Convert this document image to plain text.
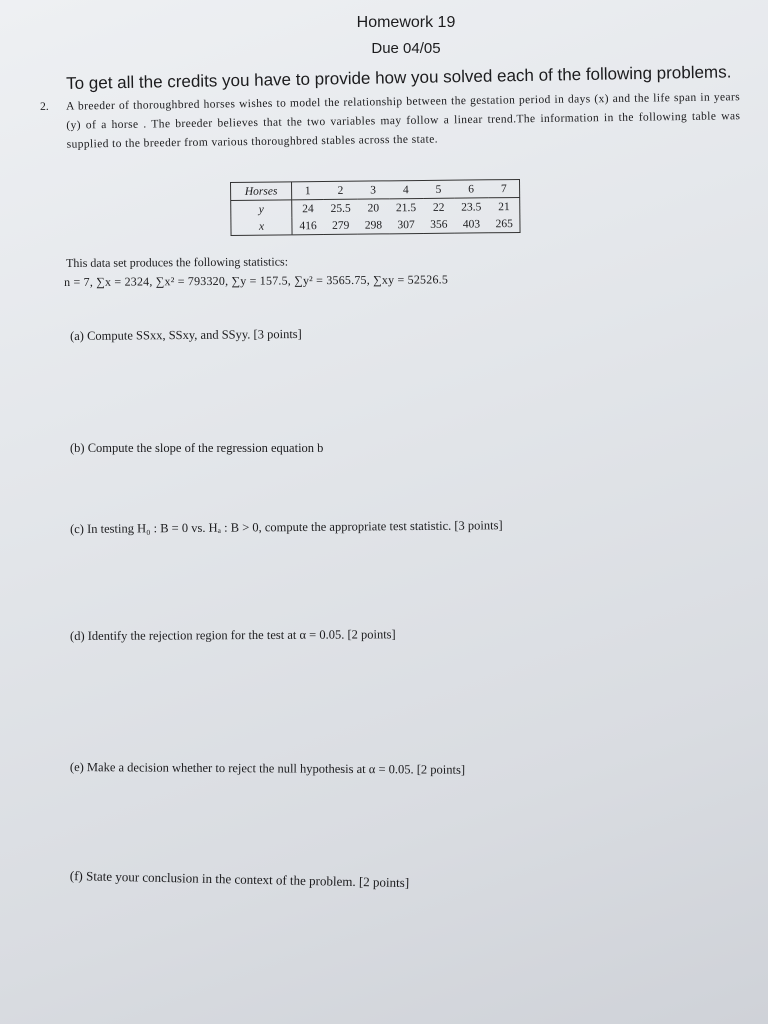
Homework 19
Due 04/05
To get all the credits you have to provide how you solved each of the following problems.
2. A breeder of thoroughbred horses wishes to model the relationship between the gestation period in days (x) and the life span in years (y) of a horse . The breeder believes that the two variables may follow a linear trend.The information in the following table was supplied to the breeder from various thoroughbred stables across the state.
Horses	1	2	3	4	5	6	7
y	24	25.5	20	21.5	22	23.5	21
x	416	279	298	307	356	403	265
This data set produces the following statistics:
n = 7, ∑x = 2324, ∑x² = 793320, ∑y = 157.5, ∑y² = 3565.75, ∑xy = 52526.5
(a) Compute SSxx, SSxy, and SSyy. [3 points]
(b) Compute the slope of the regression equation b
(c) In testing H₀ : B = 0 vs. Hₐ : B > 0, compute the appropriate test statistic. [3 points]
(d) Identify the rejection region for the test at α = 0.05. [2 points]
(e) Make a decision whether to reject the null hypothesis at α = 0.05. [2 points]
(f) State your conclusion in the context of the problem. [2 points]
